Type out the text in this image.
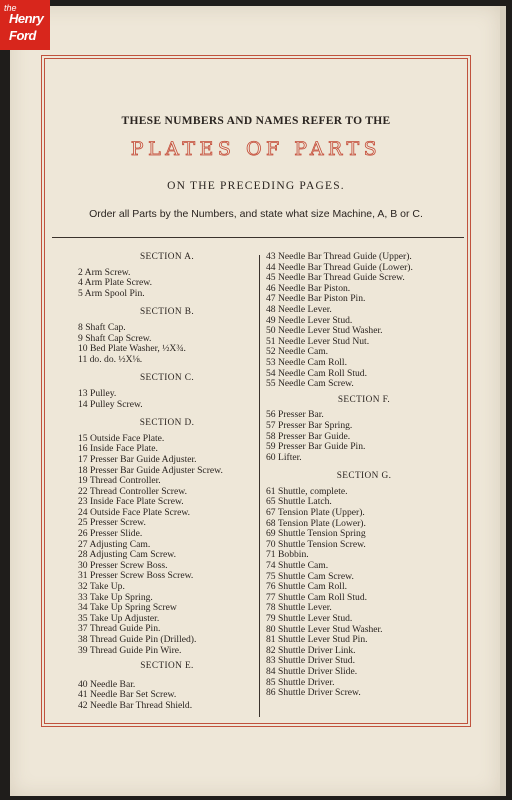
the
Henry
Ford
THESE NUMBERS AND NAMES REFER TO THE
PLATES OF PARTS
ON THE PRECEDING PAGES.
Order all Parts by the Numbers, and state what size Machine, A, B or C.
SECTION A.
2 Arm Screw.
4 Arm Plate Screw.
5 Arm Spool Pin.
SECTION B.
8 Shaft Cap.
9 Shaft Cap Screw.
10 Bed Plate Washer, ½X¾.
11 do. do. ½X⅛.
SECTION C.
13 Pulley.
14 Pulley Screw.
SECTION D.
15 Outside Face Plate.
16 Inside Face Plate.
17 Presser Bar Guide Adjuster.
18 Presser Bar Guide Adjuster Screw.
19 Thread Controller.
22 Thread Controller Screw.
23 Inside Face Plate Screw.
24 Outside Face Plate Screw.
25 Presser Screw.
26 Presser Slide.
27 Adjusting Cam.
28 Adjusting Cam Screw.
30 Presser Screw Boss.
31 Presser Screw Boss Screw.
32 Take Up.
33 Take Up Spring.
34 Take Up Spring Screw
35 Take Up Adjuster.
37 Thread Guide Pin.
38 Thread Guide Pin (Drilled).
39 Thread Guide Pin Wire.
SECTION E.
40 Needle Bar.
41 Needle Bar Set Screw.
42 Needle Bar Thread Shield.
43 Needle Bar Thread Guide (Upper).
44 Needle Bar Thread Guide (Lower).
45 Needle Bar Thread Guide Screw.
46 Needle Bar Piston.
47 Needle Bar Piston Pin.
48 Needle Lever.
49 Needle Lever Stud.
50 Needle Lever Stud Washer.
51 Needle Lever Stud Nut.
52 Needle Cam.
53 Needle Cam Roll.
54 Needle Cam Roll Stud.
55 Needle Cam Screw.
SECTION F.
56 Presser Bar.
57 Presser Bar Spring.
58 Presser Bar Guide.
59 Presser Bar Guide Pin.
60 Lifter.
SECTION G.
61 Shuttle, complete.
65 Shuttle Latch.
67 Tension Plate (Upper).
68 Tension Plate (Lower).
69 Shuttle Tension Spring
70 Shuttle Tension Screw.
71 Bobbin.
74 Shuttle Cam.
75 Shuttle Cam Screw.
76 Shuttle Cam Roll.
77 Shuttle Cam Roll Stud.
78 Shuttle Lever.
79 Shuttle Lever Stud.
80 Shuttle Lever Stud Washer.
81 Shuttle Lever Stud Pin.
82 Shuttle Driver Link.
83 Shuttle Driver Stud.
84 Shuttle Driver Slide.
85 Shuttle Driver.
86 Shuttle Driver Screw.
